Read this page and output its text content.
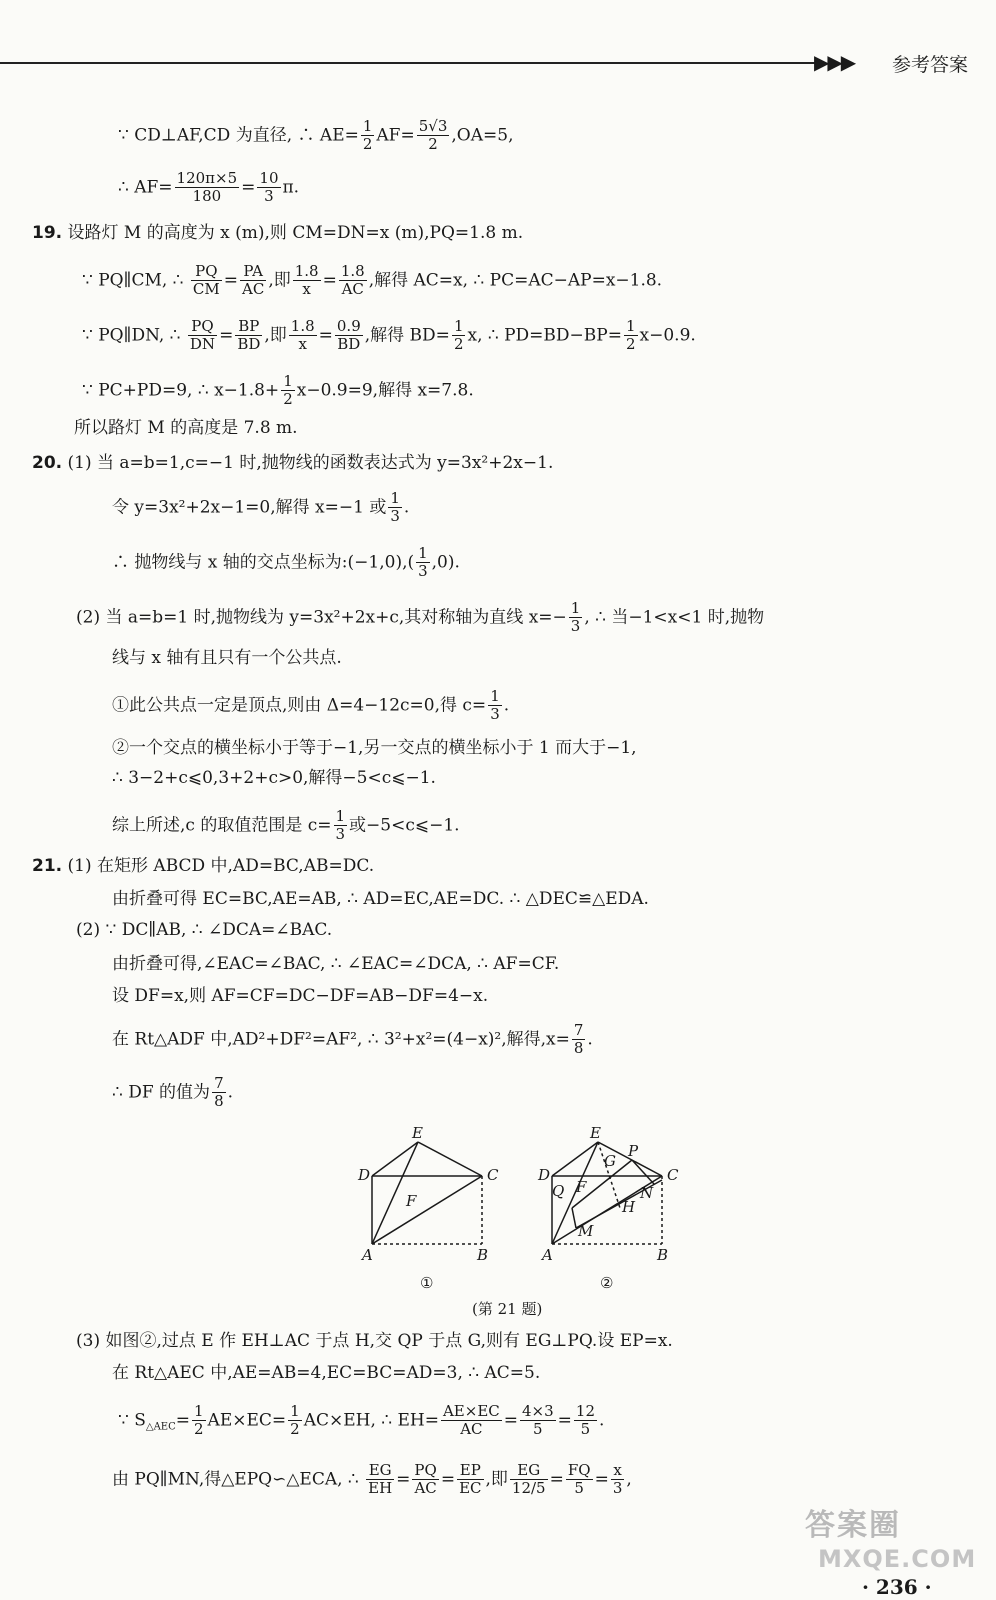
▶▶▶ 参考答案
∵ CD⊥AF,CD 为直径, ∴ $AE= \frac{1}{2} AF= \frac{5√3}{2} ,OA=5$,
∴ $AF= \frac{120\pi\times 5}{180} = \frac{10}{3} \pi$.
19. 设路灯 M 的高度为 x (m),则 CM=DN=x (m),PQ=1.8 m.
∵ PQ∥CM, ∴ $\frac{PQ}{CM} = \frac{PA}{AC}$ ,即 $\frac{1.8}{x} = \frac{1.8}{AC}$ ,解得 AC=x, ∴ PC=AC−AP=x−1.8.
∵ PQ∥DN, ∴ $\frac{PQ}{DN} = \frac{BP}{BD}$ ,即 $\frac{1.8}{x} = \frac{0.9}{BD}$ ,解得 $BD= \frac{1}{2} x$, ∴ $PD=BD-BP= \frac{1}{2} x-0.9$.
∵ PC+PD=9, ∴ $x-1.8+ \frac{1}{2} x-0.9=9$,解得 x=7.8.
所以路灯 M 的高度是 7.8 m.
20. (1) 当 a=b=1,c=−1 时,抛物线的函数表达式为 y=3x²+2x−1.
令 y=3x²+2x−1=0,解得 x=−1 或 $\frac{1}{3}$ .
∴ 抛物线与 x 轴的交点坐标为:(−1,0),( $\frac{1}{3} ,0$).
(2) 当 a=b=1 时,抛物线为 y=3x²+2x+c,其对称轴为直线 $x=- \frac{1}{3}$ , ∴ 当−1<x<1 时,抛物
线与 x 轴有且只有一个公共点.
①此公共点一定是顶点,则由 Δ=4−12c=0,得 $c= \frac{1}{3}$ .
②一个交点的横坐标小于等于−1,另一交点的横坐标小于 1 而大于−1,
∴ 3−2+c⩽0,3+2+c>0,解得−5<c⩽−1.
综上所述,c 的取值范围是 $c= \frac{1}{3}$ 或−5<c⩽−1.
21. (1) 在矩形 ABCD 中,AD=BC,AB=DC.
由折叠可得 EC=BC,AE=AB, ∴ AD=EC,AE=DC. ∴ △DEC≌△EDA.
(2) ∵ DC∥AB, ∴ ∠DCA=∠BAC.
由折叠可得,∠EAC=∠BAC, ∴ ∠EAC=∠DCA, ∴ AF=CF.
设 DF=x,则 AF=CF=DC−DF=AB−DF=4−x.
在 Rt△ADF 中,AD²+DF²=AF², ∴ 3²+x²=(4−x)²,解得$,x= \frac{7}{8}$ .
∴ DF 的值为 $\frac{7}{8}$ .
E
D	C
F
A	B
①
E
P
G
D	C
Q F	N
H
M
A	B
②
(第 21 题)
(3) 如图②,过点 E 作 EH⊥AC 于点 H,交 QP 于点 G,则有 EG⊥PQ.设 EP=x.
在 Rt△AEC 中,AE=AB=4,EC=BC=AD=3, ∴ AC=5.
∵ $S_{\triangle AEC}= \frac{1}{2} AE\times EC= \frac{1}{2} AC\times EH$, ∴ $EH= \frac{AE\times EC}{AC} = \frac{4\times 3}{5} = \frac{12}{5}$ .
由 PQ∥MN,得△EPQ∽△ECA, ∴ $\frac{EG}{EH} = \frac{PQ}{AC} = \frac{EP}{EC}$ ,即 $\frac{EG}{12/5} = \frac{FQ}{5} = \frac{x}{3}$ ,
答案圈
MXQE.COM
· 236 ·
